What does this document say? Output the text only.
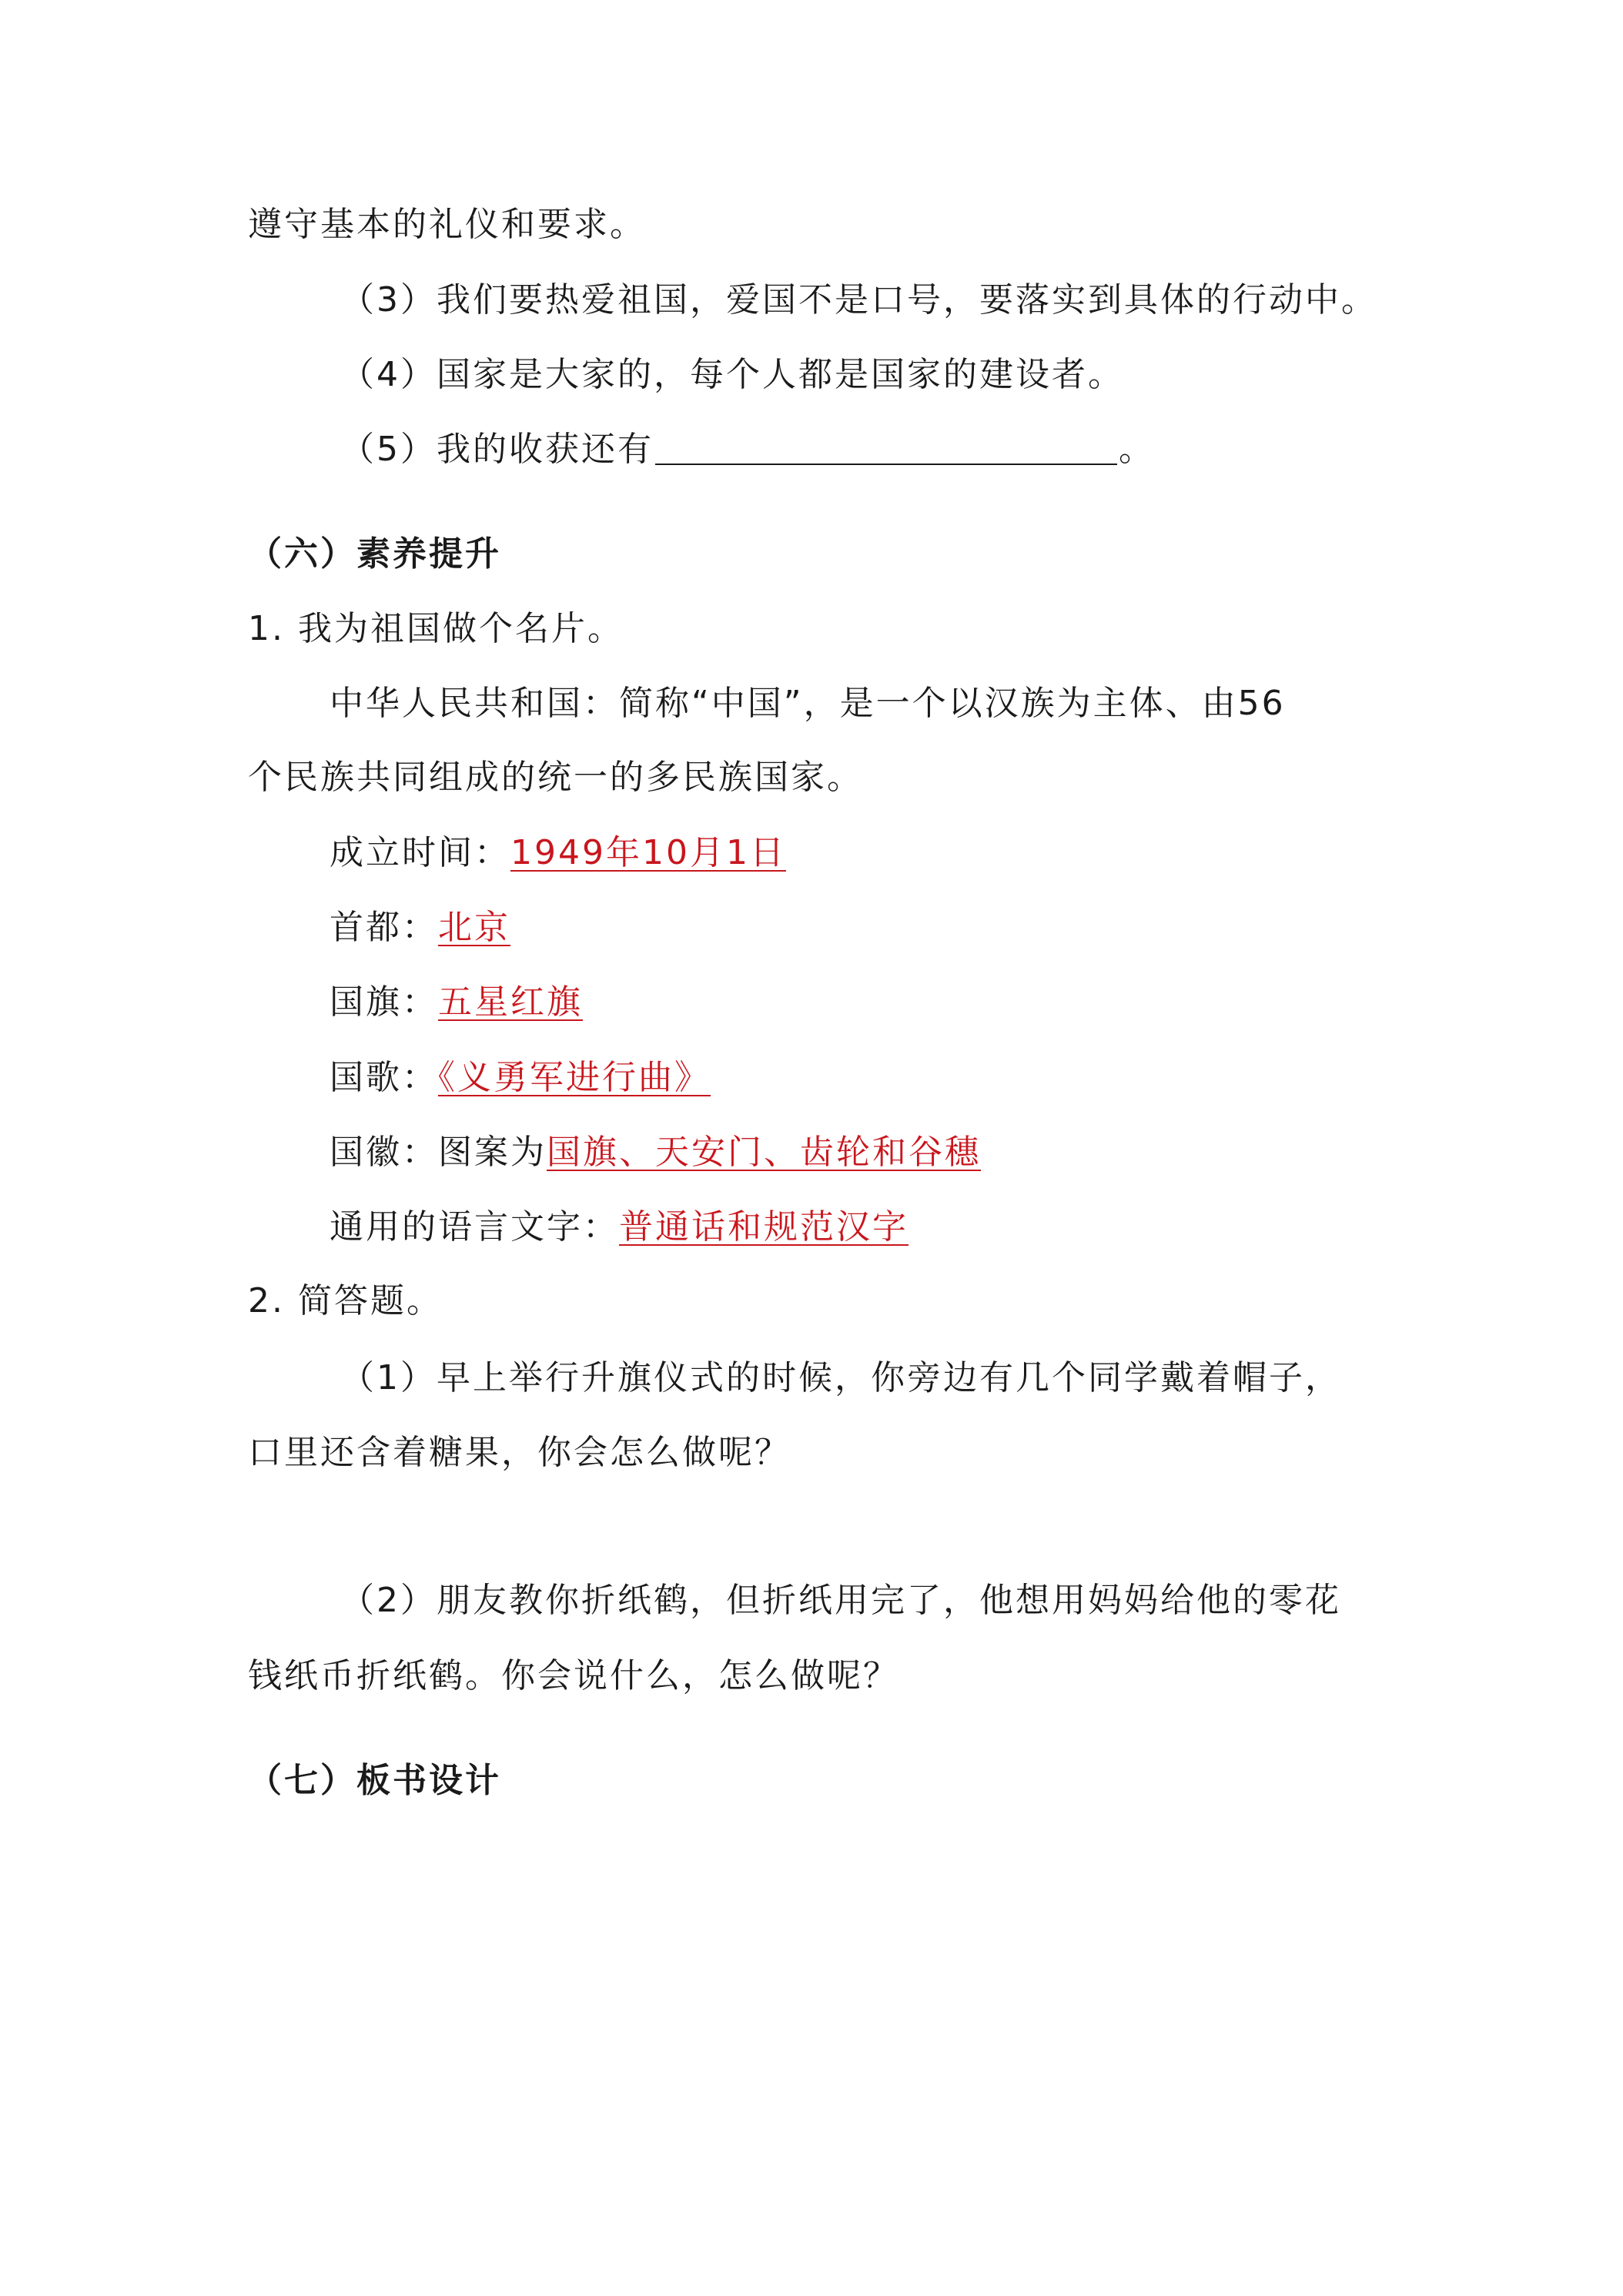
遵守基本的礼仪和要求。
（3）我们要热爱祖国，爱国不是口号，要落实到具体的行动中。
（4）国家是大家的，每个人都是国家的建设者。
（5）我的收获还有	。
（六）素养提升
1. 我为祖国做个名片。
中华人民共和国：简称“中国”，是一个以汉族为主体、由56
个民族共同组成的统一的多民族国家。
成立时间：1949年10月1日
首都：北京
国旗：五星红旗
国歌：《义勇军进行曲》
国徽：图案为国旗、天安门、齿轮和谷穗
通用的语言文字：普通话和规范汉字
2. 简答题。
（1）早上举行升旗仪式的时候，你旁边有几个同学戴着帽子，
口里还含着糖果，你会怎么做呢？
（2）朋友教你折纸鹤，但折纸用完了，他想用妈妈给他的零花
钱纸币折纸鹤。你会说什么，怎么做呢？
（七）板书设计
